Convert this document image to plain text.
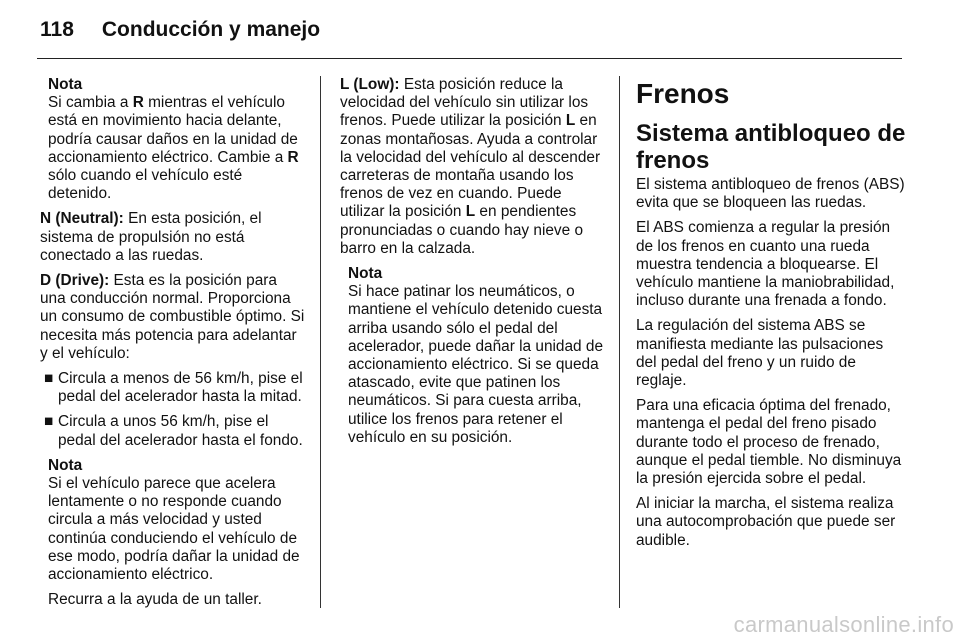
118 Conducción y manejo
Nota
Si cambia a R mientras el vehículo está en movimiento hacia delante, podría causar daños en la unidad de accionamiento eléctrico. Cambie a R sólo cuando el vehículo esté detenido.

N (Neutral): En esta posición, el sistema de propulsión no está conectado a las ruedas.

D (Drive): Esta es la posición para una conducción normal. Proporciona un consumo de combustible óptimo. Si necesita más potencia para adelantar y el vehículo:

■ Circula a menos de 56 km/h, pise el pedal del acelerador hasta la mitad.
■ Circula a unos 56 km/h, pise el pedal del acelerador hasta el fondo.
Nota

Si el vehículo parece que acelera lentamente o no responde cuando circula a más velocidad y usted continúa conduciendo el vehículo de ese modo, podría dañar la unidad de accionamiento eléctrico.

Recurra a la ayuda de un taller.

L (Low): Esta posición reduce la velocidad del vehículo sin utilizar los frenos. Puede utilizar la posición L en zonas montañosas. Ayuda a controlar la velocidad del vehículo al descender carreteras de montaña usando los frenos de vez en cuando. Puede utilizar la posición L en pendientes pronunciadas o cuando hay nieve o barro en la calzada.

Nota

Si hace patinar los neumáticos, o mantiene el vehículo detenido cuesta arriba usando sólo el pedal del acelerador, puede dañar la unidad de accionamiento eléctrico. Si se queda atascado, evite que patinen los neumáticos. Si para cuesta arriba, utilice los frenos para retener el vehículo en su posición.

Frenos
Sistema antibloqueo de frenos

El sistema antibloqueo de frenos (ABS) evita que se bloqueen las ruedas.

El ABS comienza a regular la presión de los frenos en cuanto una rueda muestra tendencia a bloquearse. El vehículo mantiene la maniobrabilidad, incluso durante una frenada a fondo.

La regulación del sistema ABS se manifiesta mediante las pulsaciones del pedal del freno y un ruido de reglaje.

Para una eficacia óptima del frenado, mantenga el pedal del freno pisado durante todo el proceso de frenado, aunque el pedal tiemble. No disminuya la presión ejercida sobre el pedal.

Al iniciar la marcha, el sistema realiza una autocomprobación que puede ser audible.

carmanualsonline.info
